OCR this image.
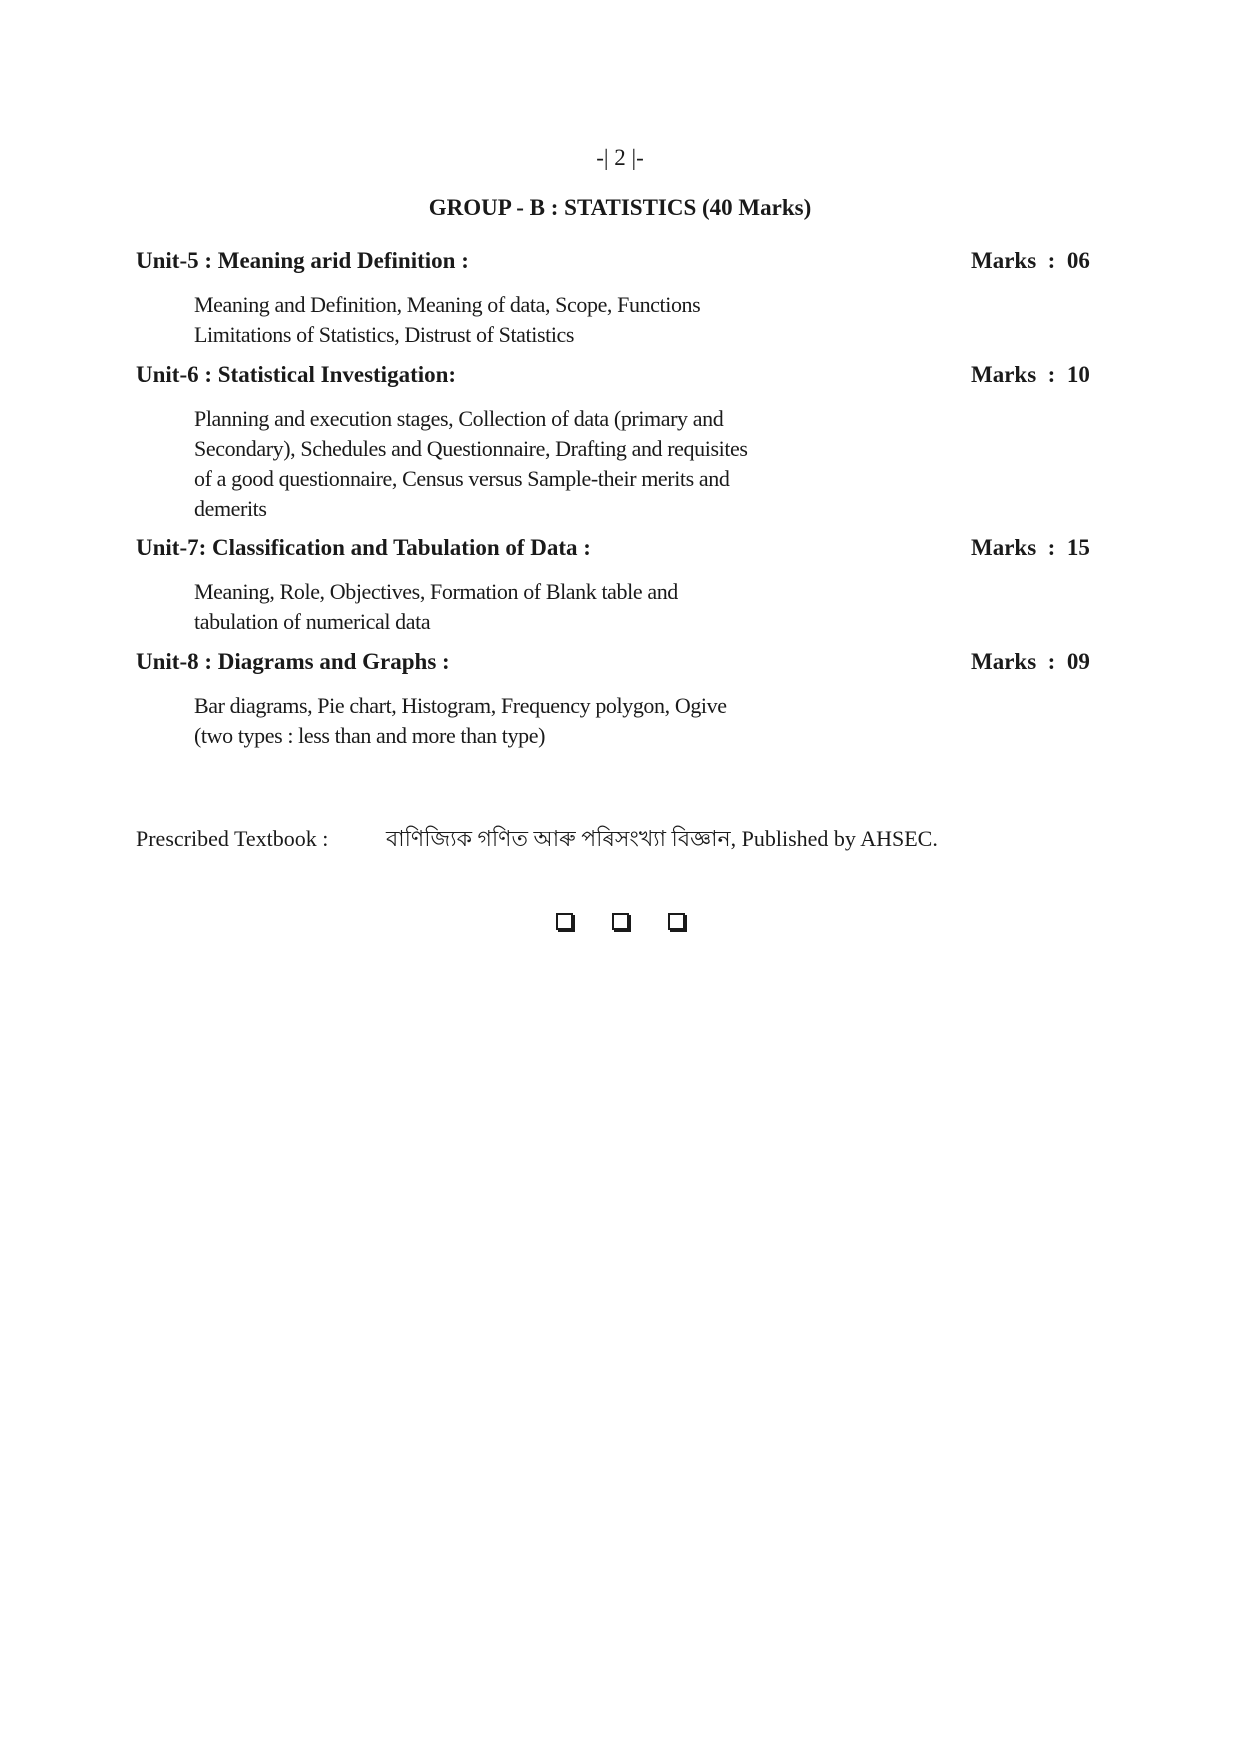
-| 2 |-
GROUP - B : STATISTICS (40 Marks)
Unit-5 : Meaning arid Definition :	Marks  :  06

Meaning and Definition, Meaning of data, Scope, Functions

Limitations of Statistics, Distrust of Statistics

Unit-6 : Statistical Investigation:	Marks  :  10

Planning and execution stages, Collection of data (primary and

Secondary), Schedules and Questionnaire, Drafting and requisites

of a good questionnaire, Census versus Sample-their merits and

demerits

Unit-7: Classification and Tabulation of Data :	Marks  :  15

Meaning, Role, Objectives, Formation of Blank table and

tabulation of numerical data

Unit-8 : Diagrams and Graphs :	Marks  :  09

Bar diagrams, Pie chart, Histogram, Frequency polygon, Ogive

(two types : less than and more than type)

Prescribed Textbook :	বাণিজ্যিক গণিত আৰু পৰিসংখ্যা বিজ্ঞান, Published by AHSEC.
